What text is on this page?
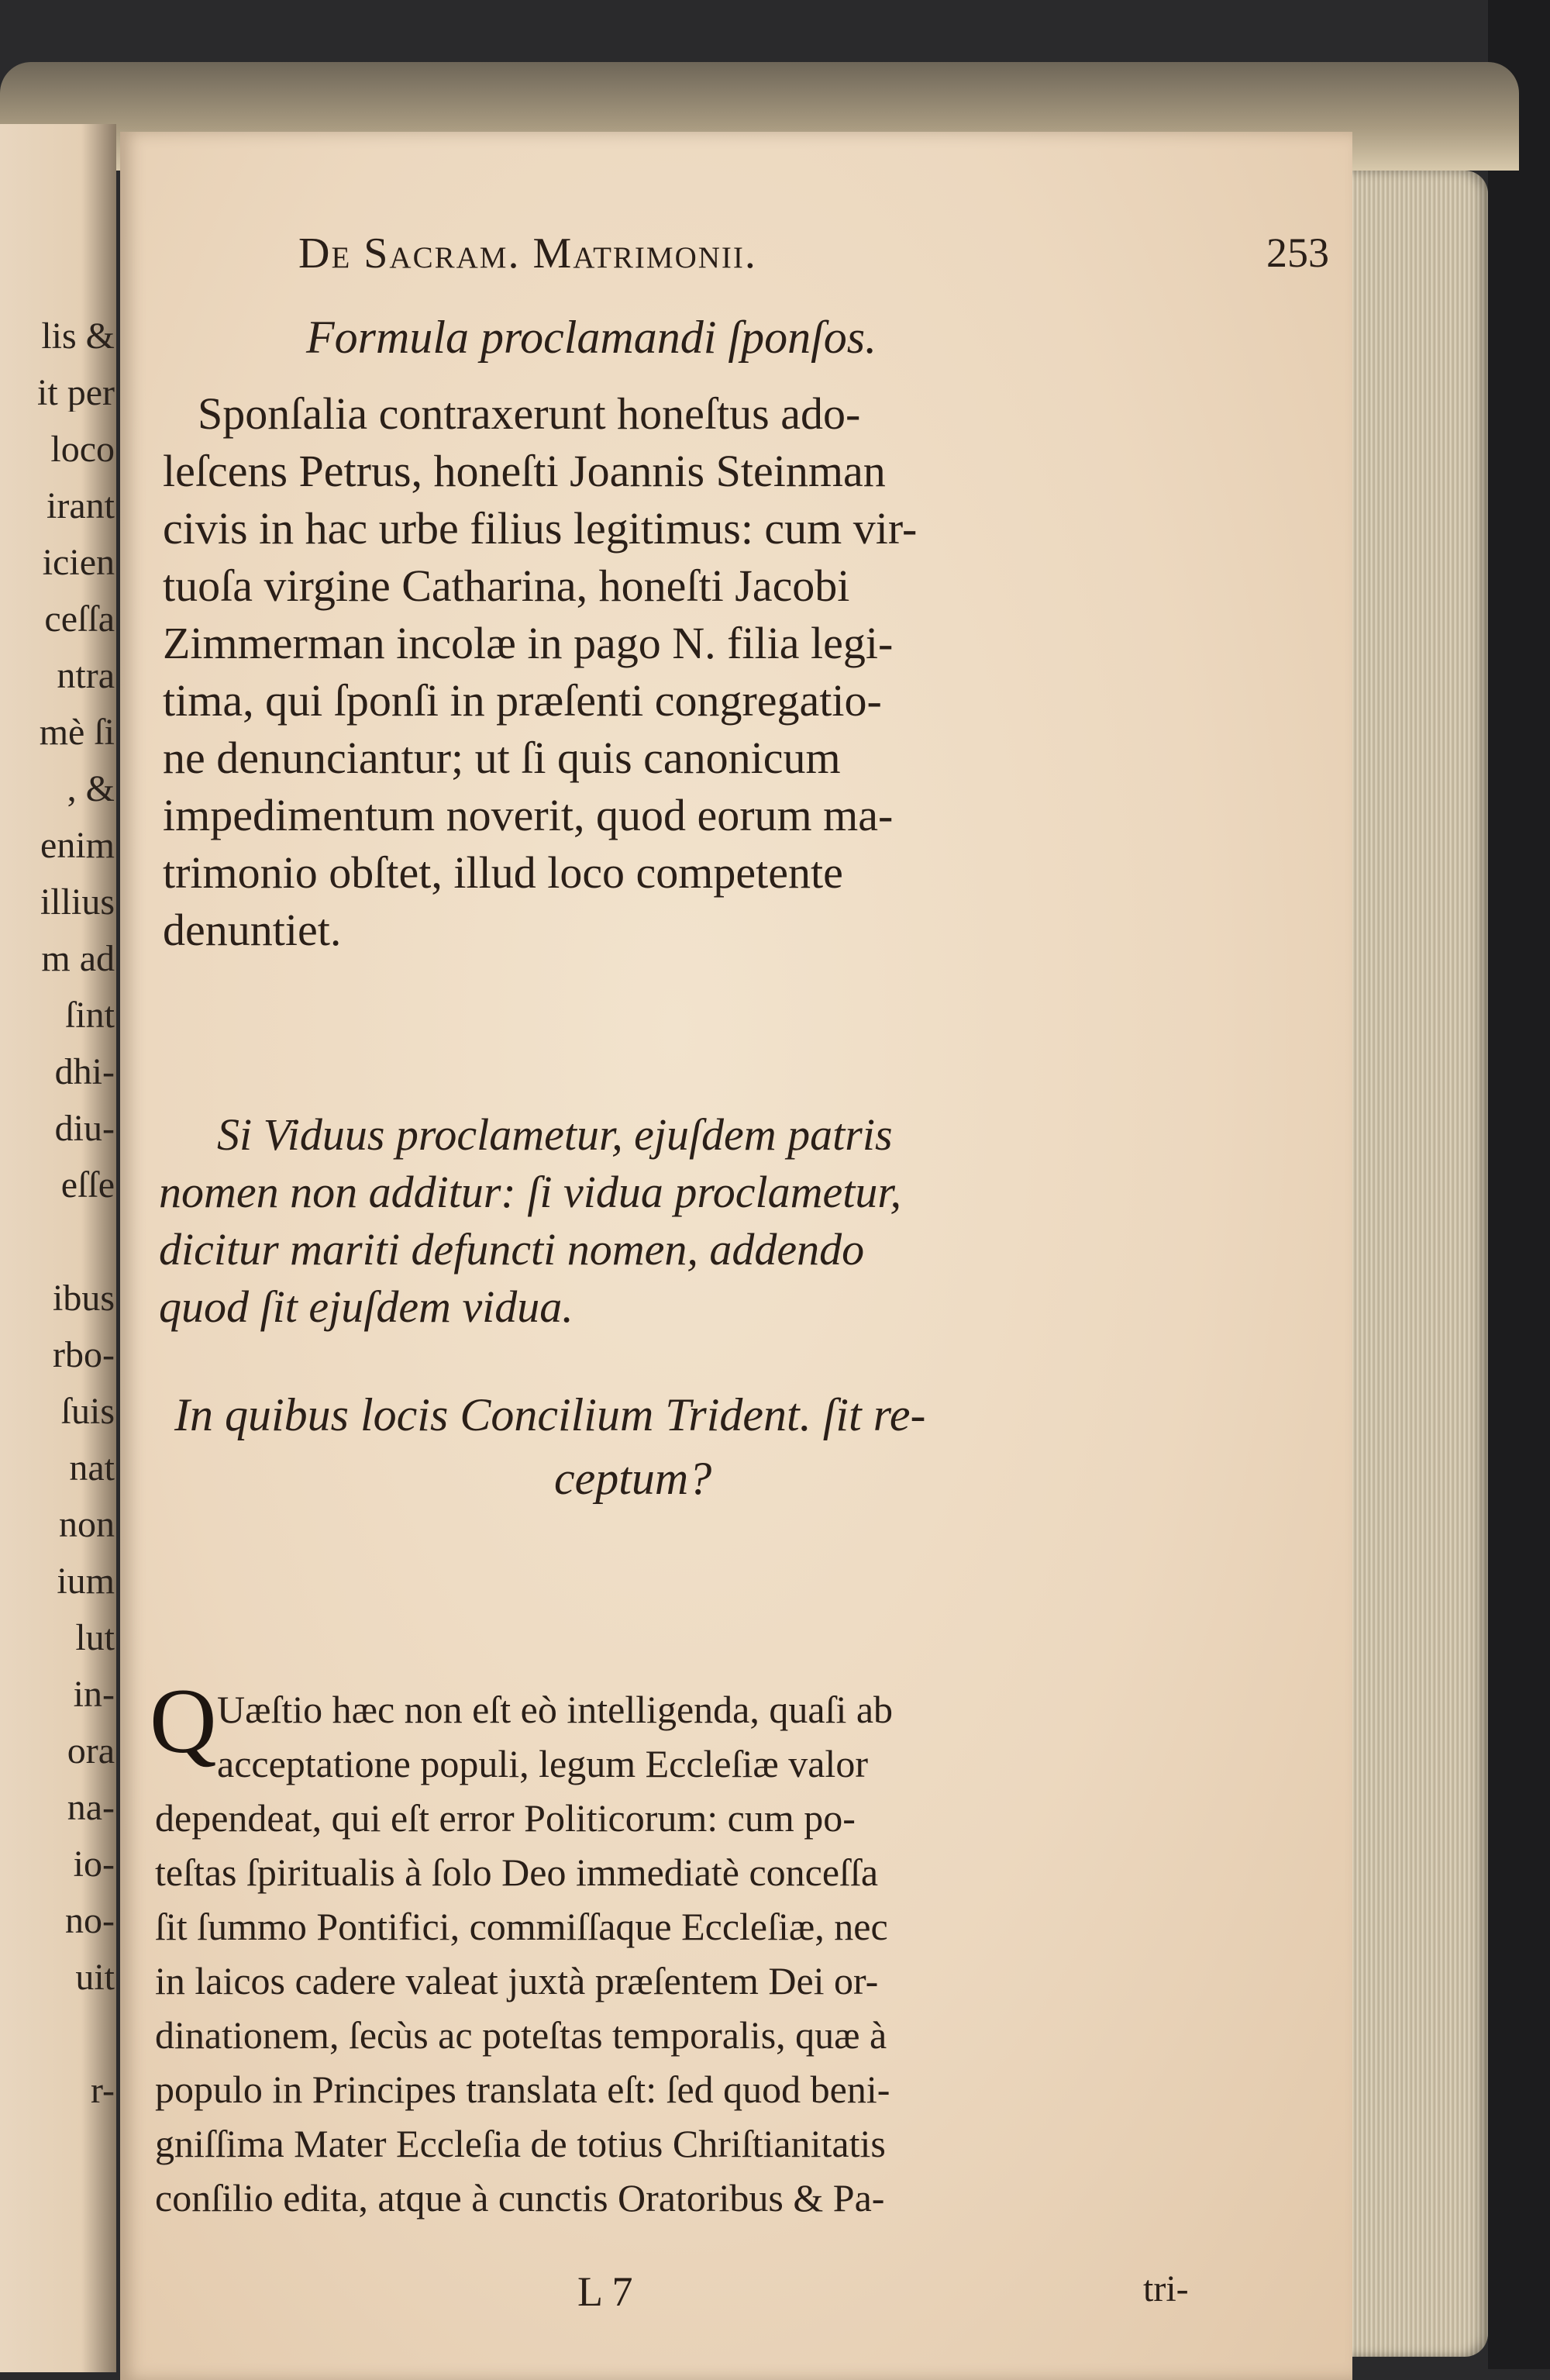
lis &
it per
loco
irant
icien
ceſſa
ntra
mè ſi
, &
enim
illius
m ad
ſint
dhi-
diu-
eſſe
ibus
rbo-
ſuis
nat
non
ium
lut
in-
ora
na-
io-
no-
uit
r-
De Sacram. Matrimonii.	253
Formula proclamandi ſponſos.
Sponſalia contraxerunt honeſtus ado-
leſcens Petrus, honeſti Joannis Steinman
civis in hac urbe filius legitimus: cum vir-
tuoſa virgine Catharina, honeſti Jacobi
Zimmerman incolæ in pago N. filia legi-
tima, qui ſponſi in præſenti congregatio-
ne denunciantur; ut ſi quis canonicum
impedimentum noverit, quod eorum ma-
trimonio obſtet, illud loco competente
denuntiet.
Si Viduus proclametur, ejuſdem patris
nomen non additur: ſi vidua proclametur,
dicitur mariti defuncti nomen, addendo
quod ſit ejuſdem vidua.
In quibus locis Concilium Trident. ſit re-
ceptum?
Q Uæſtio hæc non eſt eò intelligenda, quaſi ab
acceptatione populi, legum Eccleſiæ valor
dependeat, qui eſt error Politicorum: cum po-
teſtas ſpiritualis à ſolo Deo immediatè conceſſa
ſit ſummo Pontifici, commiſſaque Eccleſiæ, nec
in laicos cadere valeat juxtà præſentem Dei or-
dinationem, ſecùs ac poteſtas temporalis, quæ à
populo in Principes translata eſt: ſed quod beni-
gniſſima Mater Eccleſia de totius Chriſtianitatis
conſilio edita, atque à cunctis Oratoribus & Pa-
L 7	tri-
